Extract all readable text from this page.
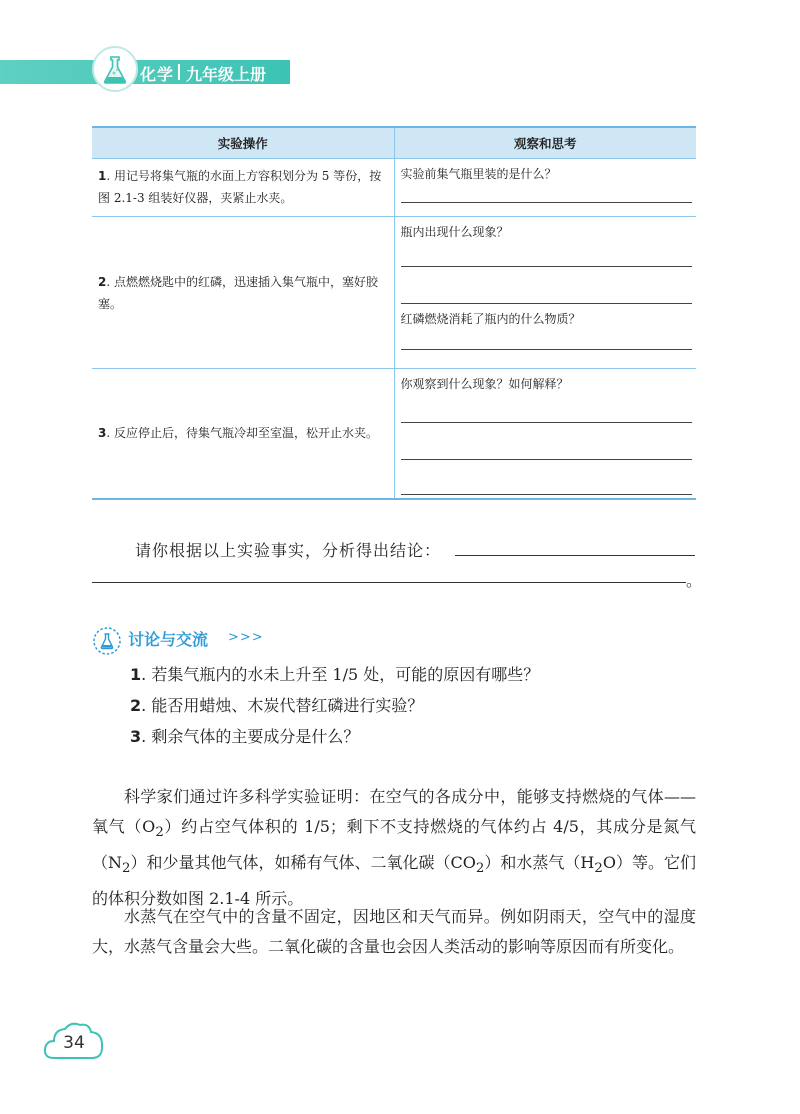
化学 九年级上册
实验操作	观察和思考

1. 用记号将集气瓶的水面上方容积划分为 5 等份，按图 2.1-3 组装好仪器，夹紧止水夹。	实验前集气瓶里装的是什么？

2. 点燃燃烧匙中的红磷，迅速插入集气瓶中，塞好胶塞。	瓶内出现什么现象？
红磷燃烧消耗了瓶内的什么物质？

3. 反应停止后，待集气瓶冷却至室温，松开止水夹。	你观察到什么现象？如何解释？
请你根据以上实验事实，分析得出结论：
。
讨论与交流 >>>
1. 若集气瓶内的水未上升至 1/5 处，可能的原因有哪些？
2. 能否用蜡烛、木炭代替红磷进行实验？
3. 剩余气体的主要成分是什么？

科学家们通过许多科学实验证明：在空气的各成分中，能够支持燃烧的气体——氧气$(O_2)$约占空气体积的 1/5；剩下不支持燃烧的气体约占 4/5，其成分是氮气$(N_2)$和少量其他气体，如稀有气体、二氧化碳$(CO_2)$和水蒸气$(H_2O)$等。它们的体积分数如图 2.1-4 所示。

水蒸气在空气中的含量不固定，因地区和天气而异。例如阴雨天，空气中的湿度大，水蒸气含量会大些。二氧化碳的含量也会因人类活动的影响等原因而有所变化。

34
